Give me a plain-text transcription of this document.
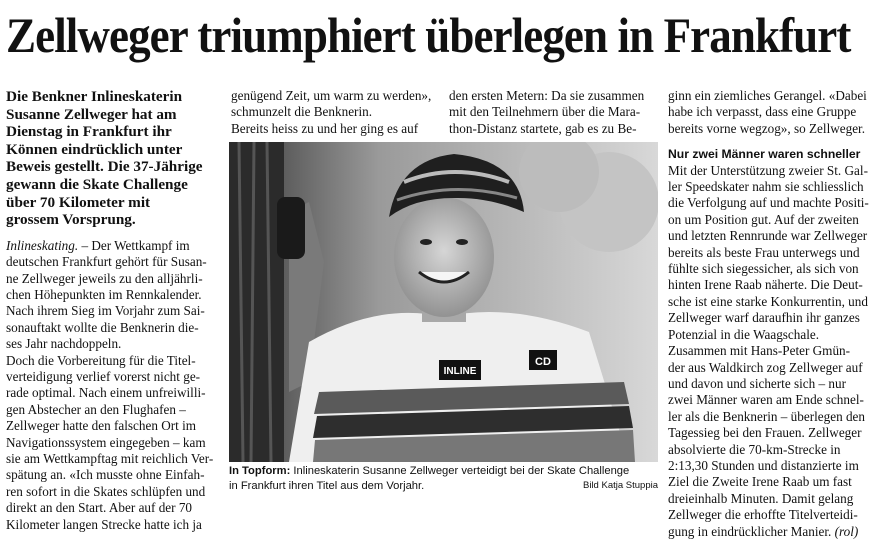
Zellweger triumphiert überlegen in Frankfurt
Die Benkner Inlineskaterin
Susanne Zellweger hat am
Dienstag in Frankfurt ihr
Können eindrücklich unter
Beweis gestellt. Die 37-Jährige
gewann die Skate Challenge
über 70 Kilometer mit
grossem Vorsprung.
Inlineskating. – Der Wettkampf im
deutschen Frankfurt gehört für Susan-
ne Zellweger jeweils zu den alljährli-
chen Höhepunkten im Rennkalender.
Nach ihrem Sieg im Vorjahr zum Sai-
sonauftakt wollte die Benknerin die-
ses Jahr nachdoppeln.
Doch die Vorbereitung für die Titel-
verteidigung verlief vorerst nicht ge-
rade optimal. Nach einem unfreiwilli-
gen Abstecher an den Flughafen –
Zellweger hatte den falschen Ort im
Navigationssystem eingegeben – kam
sie am Wettkampftag mit reichlich Ver-
spätung an. «Ich musste ohne Einfah-
ren sofort in die Skates schlüpfen und
direkt an den Start. Aber auf der 70
Kilometer langen Strecke hatte ich ja
genügend Zeit, um warm zu werden»,
schmunzelt die Benknerin.
Bereits heiss zu und her ging es auf
den ersten Metern: Da sie zusammen
mit den Teilnehmern über die Mara-
thon-Distanz startete, gab es zu Be-
ginn ein ziemliches Gerangel. «Dabei
habe ich verpasst, dass eine Gruppe
bereits vorne wegzog», so Zellweger.
Nur zwei Männer waren schneller
Mit der Unterstützung zweier St. Gal-
ler Speedskater nahm sie schliesslich
die Verfolgung auf und machte Positi-
on um Position gut. Auf der zweiten
und letzten Rennrunde war Zellweger
bereits als beste Frau unterwegs und
fühlte sich siegessicher, als sich von
hinten Irene Raab näherte. Die Deut-
sche ist eine starke Konkurrentin, und
Zellweger warf daraufhin ihr ganzes
Potenzial in die Waagschale.
Zusammen mit Hans-Peter Gmün-
der aus Waldkirch zog Zellweger auf
und davon und sicherte sich – nur
zwei Männer waren am Ende schnel-
ler als die Benknerin – überlegen den
Tagessieg bei den Frauen. Zellweger
absolvierte die 70-km-Strecke in
2:13,30 Stunden und distanzierte im
Ziel die Zweite Irene Raab um fast
dreieinhalb Minuten. Damit gelang
Zellweger die erhoffte Titelverteidi-
gung in eindrücklicher Manier. (rol)
INLINE
CD
In Topform: Inlineskaterin Susanne Zellweger verteidigt bei der Skate Challenge
in Frankfurt ihren Titel aus dem Vorjahr.	Bild Katja Stuppia
